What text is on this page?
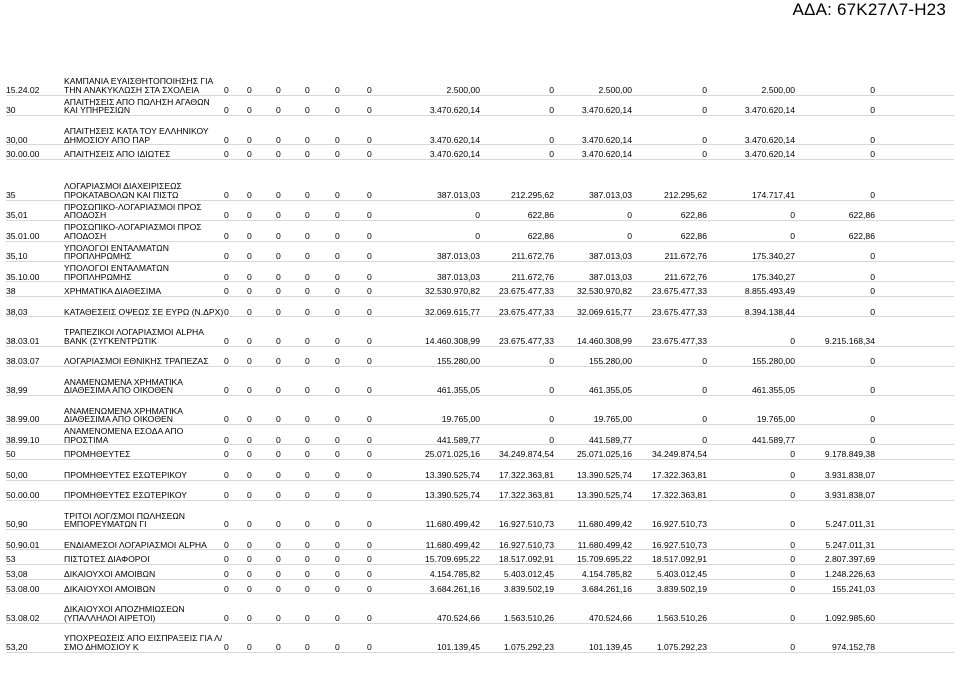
ΑΔΑ: 67Κ27Λ7-Η23
15.24.02	ΚΑΜΠΑΝΙΑ ΕΥΑΙΣΘΗΤΟΠΟΙΗΣΗΣ ΓΙΑ ΤΗΝ ΑΝΑΚΥΚΛΩΣΗ ΣΤΑ ΣΧΟΛΕΙΑ	0	0	0	0	0	0	2.500,00	0	2.500,00	0	2.500,00	0
30	ΑΠΑΙΤΗΣΕΙΣ ΑΠΟ ΠΩΛΗΣΗ ΑΓΑΘΩΝ ΚΑΙ ΥΠΗΡΕΣΙΩΝ	0	0	0	0	0	0	3.470.620,14	0	3.470.620,14	0	3.470.620,14	0
30,00	ΑΠΑΙΤΗΣΕΙΣ ΚΑΤΑ ΤΟΥ ΕΛΛΗΝΙΚΟΥ ΔΗΜΟΣΙΟΥ ΑΠΟ ΠΑΡ	0	0	0	0	0	0	3.470.620,14	0	3.470.620,14	0	3.470.620,14	0

30.00.00	ΑΠΑΙΤΗΣΕΙΣ ΑΠΟ ΙΔΙΩΤΕΣ	0	0	0	0	0	0	3.470.620,14	0	3.470.620,14	0	3.470.620,14	0

35	ΛΟΓΑΡΙΑΣΜΟΙ ΔΙΑΧΕΙΡΙΣΕΩΣ ΠΡΟΚΑΤΑΒΟΛΩΝ ΚΑΙ ΠΙΣΤΩ	0	0	0	0	0	0	387.013,03	212.295,62	387.013,03	212.295,62	174.717,41	0
35,01	ΠΡΟΣΩΠΙΚΟ-ΛΟΓΑΡΙΑΣΜΟΙ ΠΡΟΣ ΑΠΟΔΟΣΗ	0	0	0	0	0	0	0	622,86	0	622,86	0	622,86
35.01.00	ΠΡΟΣΩΠΙΚΟ-ΛΟΓΑΡΙΑΣΜΟΙ ΠΡΟΣ ΑΠΟΔΟΣΗ	0	0	0	0	0	0	0	622,86	0	622,86	0	622,86
35,10	ΥΠΟΛΟΓΟΙ ΕΝΤΑΛΜΑΤΩΝ ΠΡΟΠΛΗΡΩΜΗΣ	0	0	0	0	0	0	387.013,03	211.672,76	387.013,03	211.672,76	175.340,27	0
35.10.00	ΥΠΟΛΟΓΟΙ ΕΝΤΑΛΜΑΤΩΝ ΠΡΟΠΛΗΡΩΜΗΣ	0	0	0	0	0	0	387.013,03	211.672,76	387.013,03	211.672,76	175.340,27	0

38	ΧΡΗΜΑΤΙΚΑ ΔΙΑΘΕΣΙΜΑ	0	0	0	0	0	0	32.530.970,82	23.675.477,33	32.530.970,82	23.675.477,33	8.855.493,49	0
38,03	ΚΑΤΑΘΕΣΕΙΣ ΟΨΕΩΣ ΣΕ ΕΥΡΩ (Ν.ΔΡΧ)	0	0	0	0	0	0	32.069.615,77	23.675.477,33	32.069.615,77	23.675.477,33	8.394.138,44	0
38.03.01	ΤΡΑΠΕΖΙΚΟΙ ΛΟΓΑΡΙΑΣΜΟΙ ALPHA BANK (ΣΥΓΚΕΝΤΡΩΤΙΚ	0	0	0	0	0	0	14.460.308,99	23.675.477,33	14.460.308,99	23.675.477,33	0	9.215.168,34
38.03.07	ΛΟΓΑΡΙΑΣΜΟΙ ΕΘΝΙΚΗΣ ΤΡΑΠΕΖΑΣ	0	0	0	0	0	0	155.280,00	0	155.280,00	0	155.280,00	0
38,99	ΑΝΑΜΕΝΩΜΕΝΑ ΧΡΗΜΑΤΙΚΑ ΔΙΑΘΕΣΙΜΑ ΑΠΟ ΟΙΚΟΘΕΝ	0	0	0	0	0	0	461.355,05	0	461.355,05	0	461.355,05	0
38.99.00	ΑΝΑΜΕΝΩΜΕΝΑ ΧΡΗΜΑΤΙΚΑ ΔΙΑΘΕΣΙΜΑ ΑΠΟ ΟΙΚΟΘΕΝ	0	0	0	0	0	0	19.765,00	0	19.765,00	0	19.765,00	0
38.99.10	ΑΝΑΜΕΝΟΜΕΝΑ ΕΣΟΔΑ ΑΠΟ ΠΡΟΣΤΙΜΑ	0	0	0	0	0	0	441.589,77	0	441.589,77	0	441.589,77	0

50	ΠΡΟΜΗΘΕΥΤΕΣ	0	0	0	0	0	0	25.071.025,16	34.249.874,54	25.071.025,16	34.249.874,54	0	9.178.849,38
50,00	ΠΡΟΜΗΘΕΥΤΕΣ ΕΣΩΤΕΡΙΚΟΥ	0	0	0	0	0	0	13.390.525,74	17.322.363,81	13.390.525,74	17.322.363,81	0	3.931.838,07
50.00.00	ΠΡΟΜΗΘΕΥΤΕΣ ΕΣΩΤΕΡΙΚΟΥ	0	0	0	0	0	0	13.390.525,74	17.322.363,81	13.390.525,74	17.322.363,81	0	3.931.838,07
50,90	ΤΡΙΤΟΙ ΛΟΓ/ΣΜΟΙ ΠΩΛΗΣΕΩΝ ΕΜΠΟΡΕΥΜΑΤΩΝ ΓΙ	0	0	0	0	0	0	11.680.499,42	16.927.510,73	11.680.499,42	16.927.510,73	0	5.247.011,31
50.90.01	ΕΝΔΙΑΜΕΣΟΙ ΛΟΓΑΡΙΑΣΜΟΙ ALPHA	0	0	0	0	0	0	11.680.499,42	16.927.510,73	11.680.499,42	16.927.510,73	0	5.247.011,31

53	ΠΙΣΤΩΤΕΣ ΔΙΑΦΟΡΟΙ	0	0	0	0	0	0	15.709.695,22	18.517.092,91	15.709.695,22	18.517.092,91	0	2.807.397,69

53,08	ΔΙΚΑΙΟΥΧΟΙ ΑΜΟΙΒΩΝ	0	0	0	0	0	0	4.154.785,82	5.403.012,45	4.154.785,82	5.403.012,45	0	1.248.226,63

53.08.00	ΔΙΚΑΙΟΥΧΟΙ ΑΜΟΙΒΩΝ	0	0	0	0	0	0	3.684.261,16	3.839.502,19	3.684.261,16	3.839.502,19	0	155.241,03
53.08.02	ΔΙΚΑΙΟΥΧΟΙ ΑΠΟΖΗΜΙΩΣΕΩΝ (ΥΠΑΛΛΗΛΟΙ ΑΙΡΕΤΟΙ)	0	0	0	0	0	0	470.524,66	1.563.510,26	470.524,66	1.563.510,26	0	1.092.985,60
53,20	ΥΠΟΧΡΕΩΣΕΙΣ ΑΠΟ ΕΙΣΠΡΑΞΕΙΣ ΓΙΑ Λ/ΣΜΟ ΔΗΜΟΣΙΟΥ Κ	0	0	0	0	0	0	101.139,45	1.075.292,23	101.139,45	1.075.292,23	0	974.152,78
